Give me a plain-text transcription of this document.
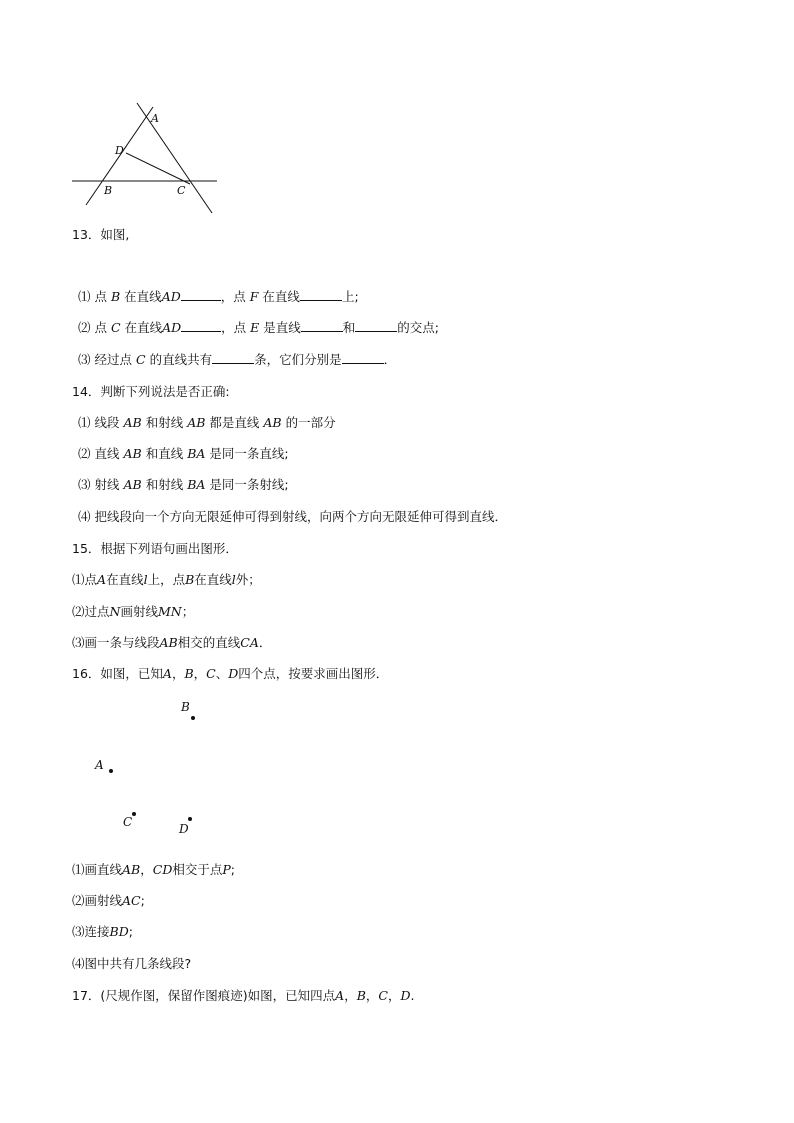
A
D
B	C
13．如图,
⑴ 点 B 在直线AD	，点 F 在直线	上;
⑵ 点 C 在直线AD	，点 E 是直线	和	的交点;
⑶ 经过点 C 的直线共有	条，它们分别是	．
14．判断下列说法是否正确:
⑴ 线段 AB 和射线 AB 都是直线 AB 的一部分
⑵ 直线 AB 和直线 BA 是同一条直线;
⑶ 射线 AB 和射线 BA 是同一条射线;
⑷ 把线段向一个方向无限延伸可得到射线，向两个方向无限延伸可得到直线．
15．根据下列语句画出图形．
⑴点A在直线l上，点B在直线l外；
⑵过点N画射线MN；
⑶画一条与线段AB相交的直线CA．
16．如图，已知A，B，C、D四个点，按要求画出图形．
B
A
C	D
⑴画直线AB，CD相交于点P;
⑵画射线AC;
⑶连接BD;
⑷图中共有几条线段?
17．(尺规作图，保留作图痕迹)如图，已知四点A，B，C，D.
